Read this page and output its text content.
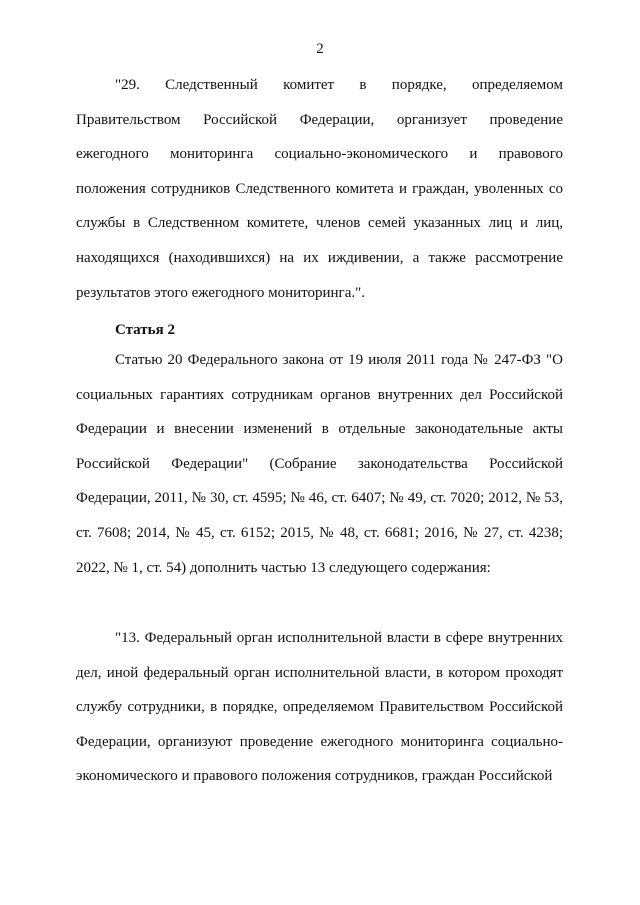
2

"29. Следственный комитет в порядке, определяемом Правительством Российской Федерации, организует проведение ежегодного мониторинга социально-экономического и правового положения сотрудников Следственного комитета и граждан, уволенных со службы в Следственном комитете, членов семей указанных лиц и лиц, находящихся (находившихся) на их иждивении, а также рассмотрение результатов этого ежегодного мониторинга.".

Статья 2

Статью 20 Федерального закона от 19 июля 2011 года № 247-ФЗ "О социальных гарантиях сотрудникам органов внутренних дел Российской Федерации и внесении изменений в отдельные законодательные акты Российской Федерации" (Собрание законодательства Российской Федерации, 2011, № 30, ст. 4595; № 46, ст. 6407; № 49, ст. 7020; 2012, № 53, ст. 7608; 2014, № 45, ст. 6152; 2015, № 48, ст. 6681; 2016, № 27, ст. 4238; 2022, № 1, ст. 54) дополнить частью 13 следующего содержания:

"13. Федеральный орган исполнительной власти в сфере внутренних дел, иной федеральный орган исполнительной власти, в котором проходят службу сотрудники, в порядке, определяемом Правительством Российской Федерации, организуют проведение ежегодного мониторинга социально-экономического и правового положения сотрудников, граждан Российской
